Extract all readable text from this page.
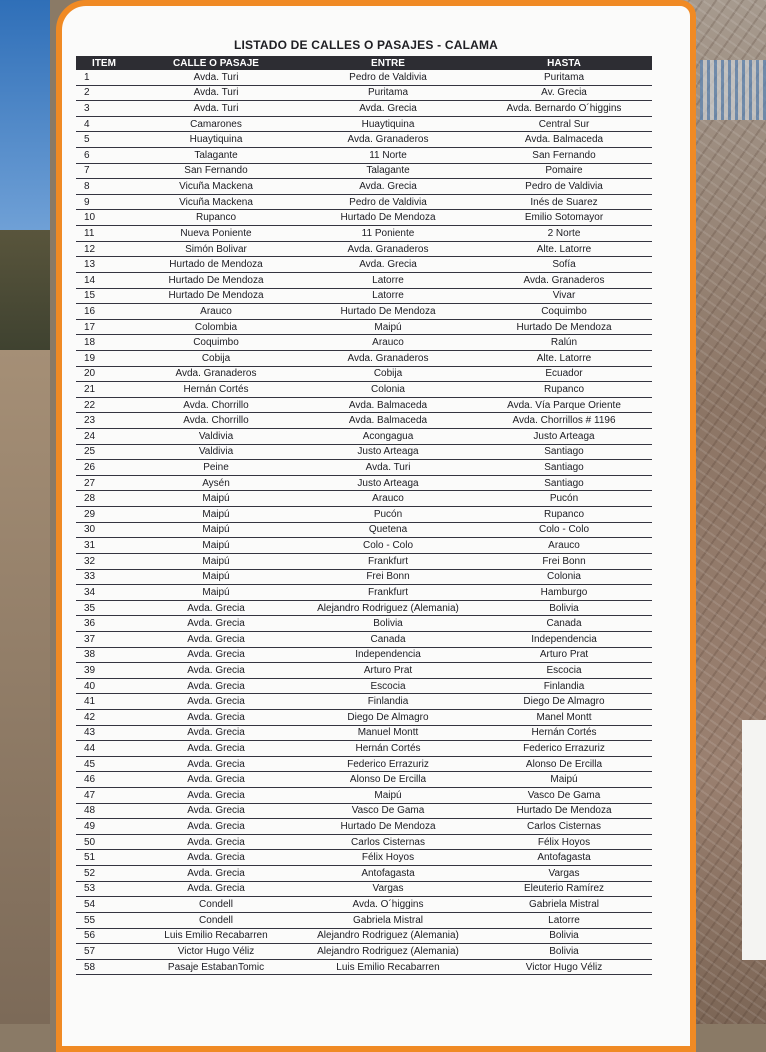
LISTADO DE CALLES O PASAJES - CALAMA
ITEM	CALLE O PASAJE	ENTRE	HASTA
1	Avda. Turi	Pedro de Valdivia	Puritama
2	Avda. Turi	Puritama	Av. Grecia
3	Avda. Turi	Avda. Grecia	Avda. Bernardo O´higgins
4	Camarones	Huaytiquina	Central Sur
5	Huaytiquina	Avda. Granaderos	Avda. Balmaceda
6	Talagante	11 Norte	San Fernando
7	San Fernando	Talagante	Pomaire
8	Vicuña Mackena	Avda. Grecia	Pedro de Valdivia
9	Vicuña Mackena	Pedro de Valdivia	Inés de Suarez
10	Rupanco	Hurtado De Mendoza	Emilio Sotomayor
11	Nueva Poniente	11 Poniente	2 Norte
12	Simón Bolivar	Avda. Granaderos	Alte. Latorre
13	Hurtado de Mendoza	Avda. Grecia	Sofía
14	Hurtado De Mendoza	Latorre	Avda. Granaderos
15	Hurtado De Mendoza	Latorre	Vivar
16	Arauco	Hurtado De Mendoza	Coquimbo
17	Colombia	Maipú	Hurtado De Mendoza
18	Coquimbo	Arauco	Ralún
19	Cobija	Avda. Granaderos	Alte. Latorre
20	Avda. Granaderos	Cobija	Ecuador
21	Hernán Cortés	Colonia	Rupanco
22	Avda. Chorrillo	Avda. Balmaceda	Avda. Vía Parque Oriente
23	Avda. Chorrillo	Avda. Balmaceda	Avda. Chorrillos # 1196
24	Valdivia	Acongagua	Justo Arteaga
25	Valdivia	Justo Arteaga	Santiago
26	Peine	Avda. Turi	Santiago
27	Aysén	Justo Arteaga	Santiago
28	Maipú	Arauco	Pucón
29	Maipú	Pucón	Rupanco
30	Maipú	Quetena	Colo - Colo
31	Maipú	Colo - Colo	Arauco
32	Maipú	Frankfurt	Frei Bonn
33	Maipú	Frei Bonn	Colonia
34	Maipú	Frankfurt	Hamburgo
35	Avda. Grecia	Alejandro Rodriguez (Alemania)	Bolivia
36	Avda. Grecia	Bolivia	Canada
37	Avda. Grecia	Canada	Independencia
38	Avda. Grecia	Independencia	Arturo Prat
39	Avda. Grecia	Arturo Prat	Escocia
40	Avda. Grecia	Escocia	Finlandia
41	Avda. Grecia	Finlandia	Diego De Almagro
42	Avda. Grecia	Diego De Almagro	Manel Montt
43	Avda. Grecia	Manuel Montt	Hernán Cortés
44	Avda. Grecia	Hernán Cortés	Federico Errazuriz
45	Avda. Grecia	Federico Errazuriz	Alonso De Ercilla
46	Avda. Grecia	Alonso De Ercilla	Maipú
47	Avda. Grecia	Maipú	Vasco De Gama
48	Avda. Grecia	Vasco De Gama	Hurtado De Mendoza
49	Avda. Grecia	Hurtado De Mendoza	Carlos Cisternas
50	Avda. Grecia	Carlos Cisternas	Félix Hoyos
51	Avda. Grecia	Félix Hoyos	Antofagasta
52	Avda. Grecia	Antofagasta	Vargas
53	Avda. Grecia	Vargas	Eleuterio Ramírez
54	Condell	Avda. O´higgins	Gabriela Mistral
55	Condell	Gabriela Mistral	Latorre
56	Luis Emilio Recabarren	Alejandro Rodriguez (Alemania)	Bolivia
57	Victor Hugo Véliz	Alejandro Rodriguez (Alemania)	Bolivia
58	Pasaje EstabanTomic	Luis Emilio Recabarren	Victor Hugo Véliz
